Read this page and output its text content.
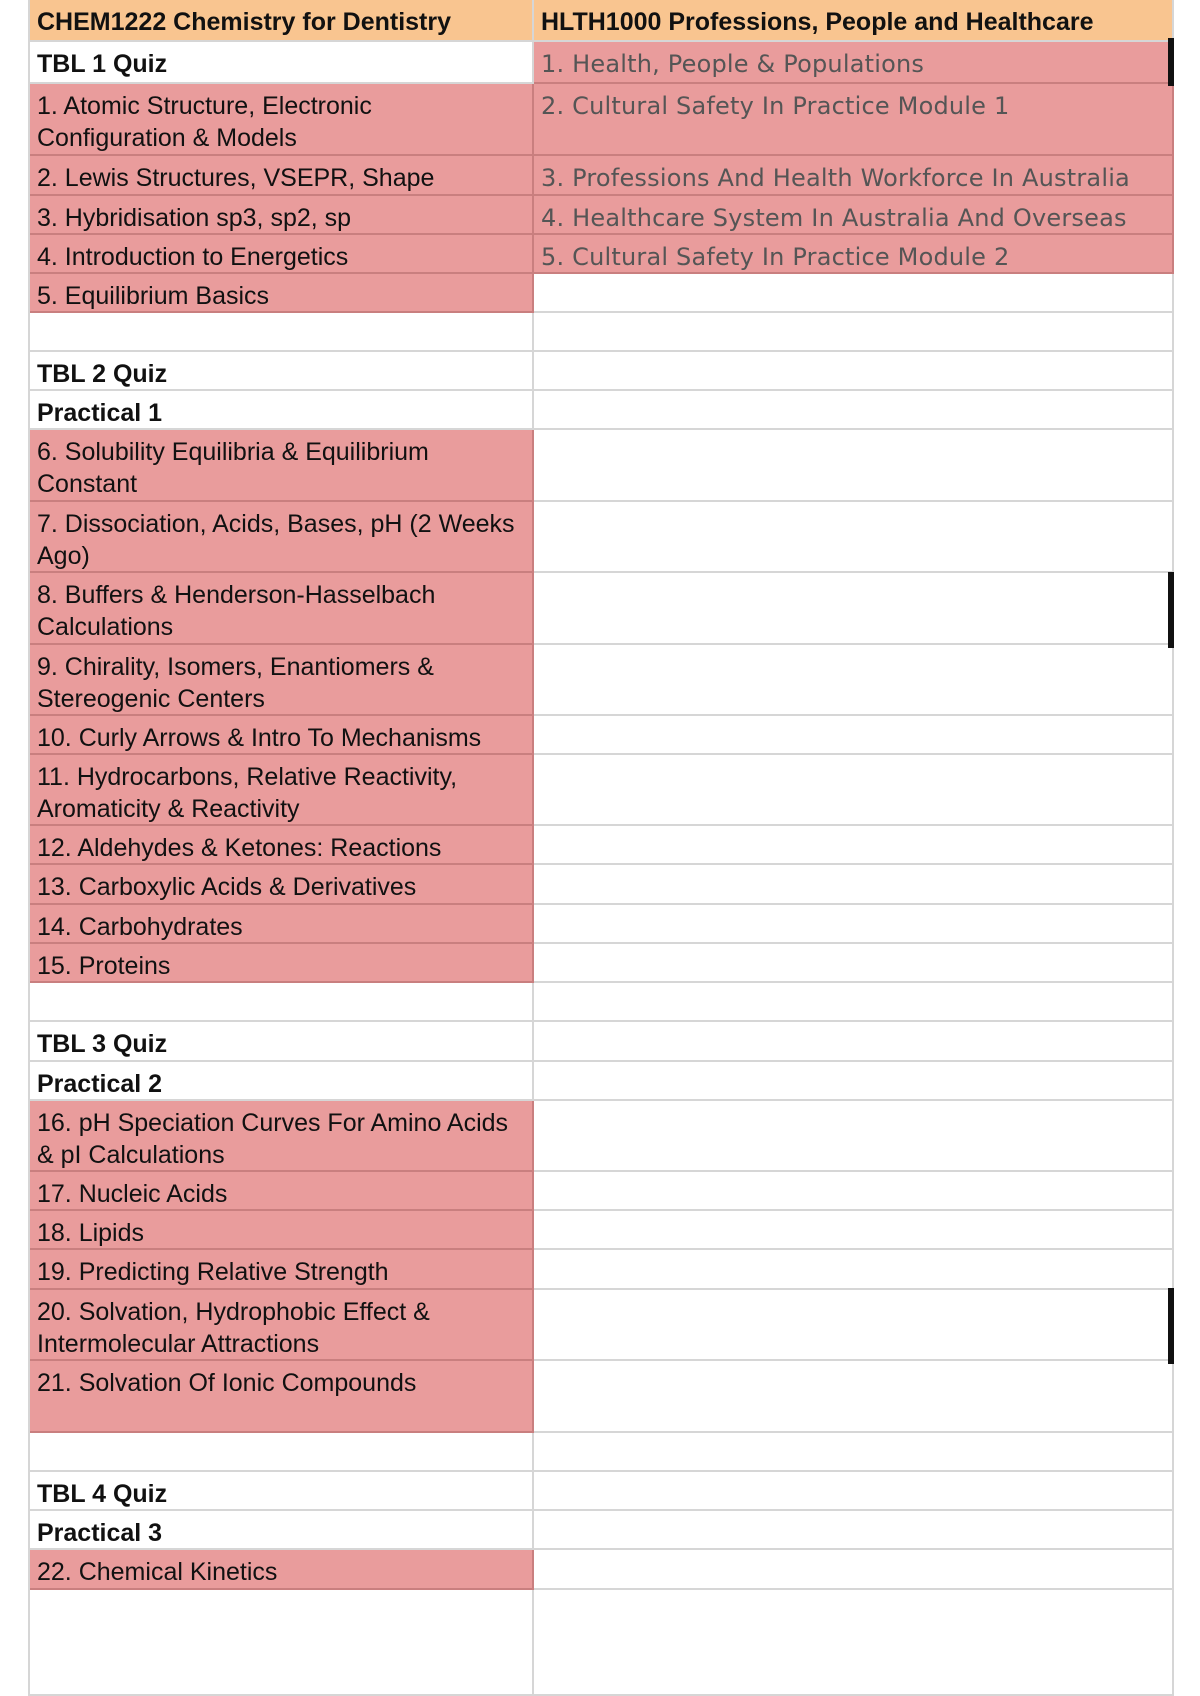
CHEM1222 Chemistry for Dentistry	HLTH1000 Professions, People and Healthcare
TBL 1 Quiz
1. Atomic Structure, Electronic Configuration & Models
2. Lewis Structures, VSEPR, Shape
3. Hybridisation sp3, sp2, sp
4. Introduction to Energetics
5. Equilibrium Basics
TBL 2 Quiz
Practical 1
6. Solubility Equilibria & Equilibrium Constant
7. Dissociation, Acids, Bases, pH (2 Weeks Ago)
8. Buffers & Henderson-Hasselbach Calculations
9. Chirality, Isomers, Enantiomers & Stereogenic Centers
10. Curly Arrows & Intro To Mechanisms
11. Hydrocarbons, Relative Reactivity, Aromaticity & Reactivity
12. Aldehydes & Ketones: Reactions
13. Carboxylic Acids & Derivatives
14. Carbohydrates
15. Proteins
TBL 3 Quiz
Practical 2
16. pH Speciation Curves For Amino Acids & pI Calculations
17. Nucleic Acids
18. Lipids
19. Predicting Relative Strength
20. Solvation, Hydrophobic Effect & Intermolecular Attractions
21. Solvation Of Ionic Compounds
TBL 4 Quiz
Practical 3
22. Chemical Kinetics
1. Health, People & Populations
2. Cultural Safety In Practice Module 1
3. Professions And Health Workforce In Australia
4. Healthcare System In Australia And Overseas
5. Cultural Safety In Practice Module 2
